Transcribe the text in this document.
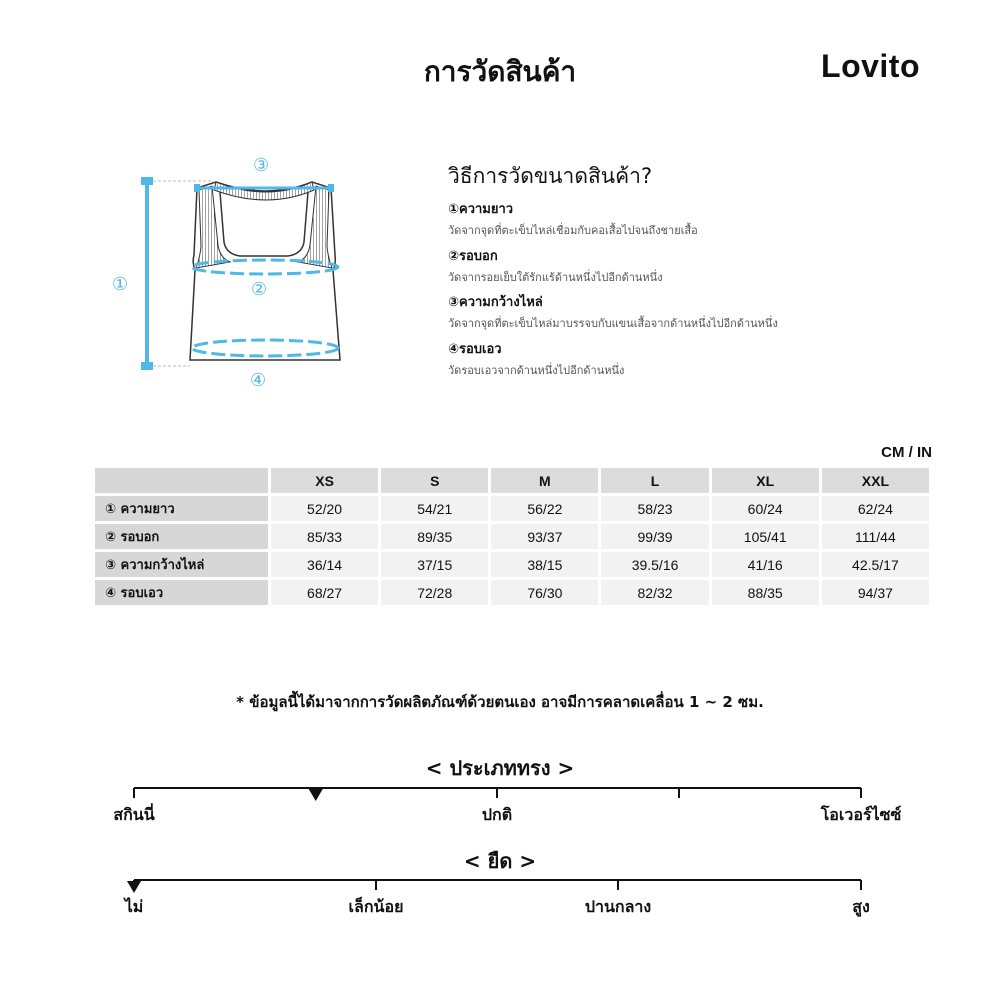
การวัดสินค้า	Lovito
①	②
③
④
วิธีการวัดขนาดสินค้า?
①ความยาว
วัดจากจุดที่ตะเข็บไหล่เชื่อมกับคอเสื้อไปจนถึงชายเสื้อ
②รอบอก
วัดจากรอยเย็บใต้รักแร้ด้านหนึ่งไปอีกด้านหนึ่ง
③ความกว้างไหล่
วัดจากจุดที่ตะเข็บไหล่มาบรรจบกับแขนเสื้อจากด้านหนึ่งไปอีกด้านหนึ่ง
④รอบเอว
วัดรอบเอวจากด้านหนึ่งไปอีกด้านหนึ่ง
CM / IN
	XS	S	M	L	XL	XXL
① ความยาว	52/20	54/21	56/22	58/23	60/24	62/24
② รอบอก	85/33	89/35	93/37	99/39	105/41	111/44
③ ความกว้างไหล่	36/14	37/15	38/15	39.5/16	41/16	42.5/17
④ รอบเอว	68/27	72/28	76/30	82/32	88/35	94/37
* ข้อมูลนี้ได้มาจากการวัดผลิตภัณฑ์ด้วยตนเอง อาจมีการคลาดเคลื่อน 1 ~ 2 ซม.
< ประเภททรง >
สกินนี่	ปกติ	โอเวอร์ไซซ์
< ยืด >
ไม่	เล็กน้อย	ปานกลาง	สูง
